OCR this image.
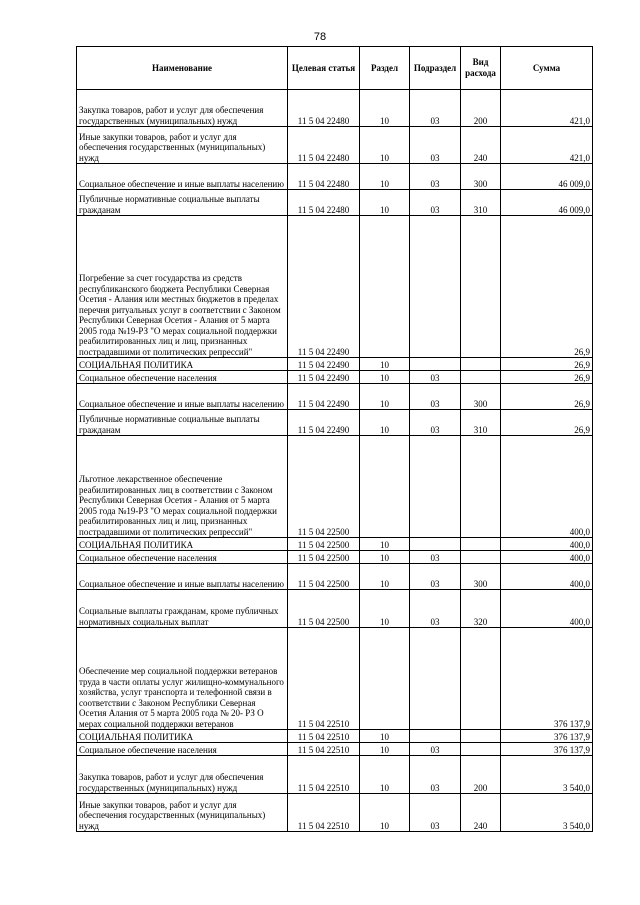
78
Наименование	Целевая статья	Раздел	Подраздел	Вид расхода	Сумма
Закупка товаров, работ и услуг для обеспечения государственных (муниципальных) нужд	11 5 04 22480	10	03	200	421,0
Иные закупки товаров, работ и услуг для обеспечения государственных (муниципальных) нужд	11 5 04 22480	10	03	240	421,0
Социальное обеспечение и иные выплаты населению	11 5 04 22480	10	03	300	46 009,0
Публичные нормативные социальные выплаты гражданам	11 5 04 22480	10	03	310	46 009,0
Погребение за счет государства из средств республиканского бюджета Республики Северная Осетия - Алания или местных бюджетов в пределах перечня ритуальных услуг в соответствии с Законом Республики Северная Осетия - Алания от 5 марта 2005 года №19-РЗ "О мерах социальной поддержки реабилитированных лиц и лиц, признанных пострадавшими от политических репрессий"	11 5 04 22490				26,9
СОЦИАЛЬНАЯ ПОЛИТИКА	11 5 04 22490	10			26,9
Социальное обеспечение населения	11 5 04 22490	10	03		26,9
Социальное обеспечение и иные выплаты населению	11 5 04 22490	10	03	300	26,9
Публичные нормативные социальные выплаты гражданам	11 5 04 22490	10	03	310	26,9
Льготное лекарственное обеспечение реабилитированных лиц в соответствии с Законом Республики Северная Осетия - Алания от 5 марта 2005 года №19-РЗ "О мерах социальной поддержки реабилитированных лиц и лиц, признанных пострадавшими от политических репрессий"	11 5 04 22500				400,0
СОЦИАЛЬНАЯ ПОЛИТИКА	11 5 04 22500	10			400,0
Социальное обеспечение населения	11 5 04 22500	10	03		400,0
Социальное обеспечение и иные выплаты населению	11 5 04 22500	10	03	300	400,0
Социальные выплаты гражданам, кроме публичных нормативных социальных выплат	11 5 04 22500	10	03	320	400,0
Обеспечение мер социальной поддержки ветеранов труда в части оплаты услуг жилищно-коммунального хозяйства, услуг транспорта и телефонной связи в соответствии с Законом Республики Северная Осетия Алания от 5 марта 2005 года № 20- РЗ О мерах социальной поддержки ветеранов	11 5 04 22510				376 137,9
СОЦИАЛЬНАЯ ПОЛИТИКА	11 5 04 22510	10			376 137,9
Социальное обеспечение населения	11 5 04 22510	10	03		376 137,9
Закупка товаров, работ и услуг для обеспечения государственных (муниципальных) нужд	11 5 04 22510	10	03	200	3 540,0
Иные закупки товаров, работ и услуг для обеспечения государственных (муниципальных) нужд	11 5 04 22510	10	03	240	3 540,0
